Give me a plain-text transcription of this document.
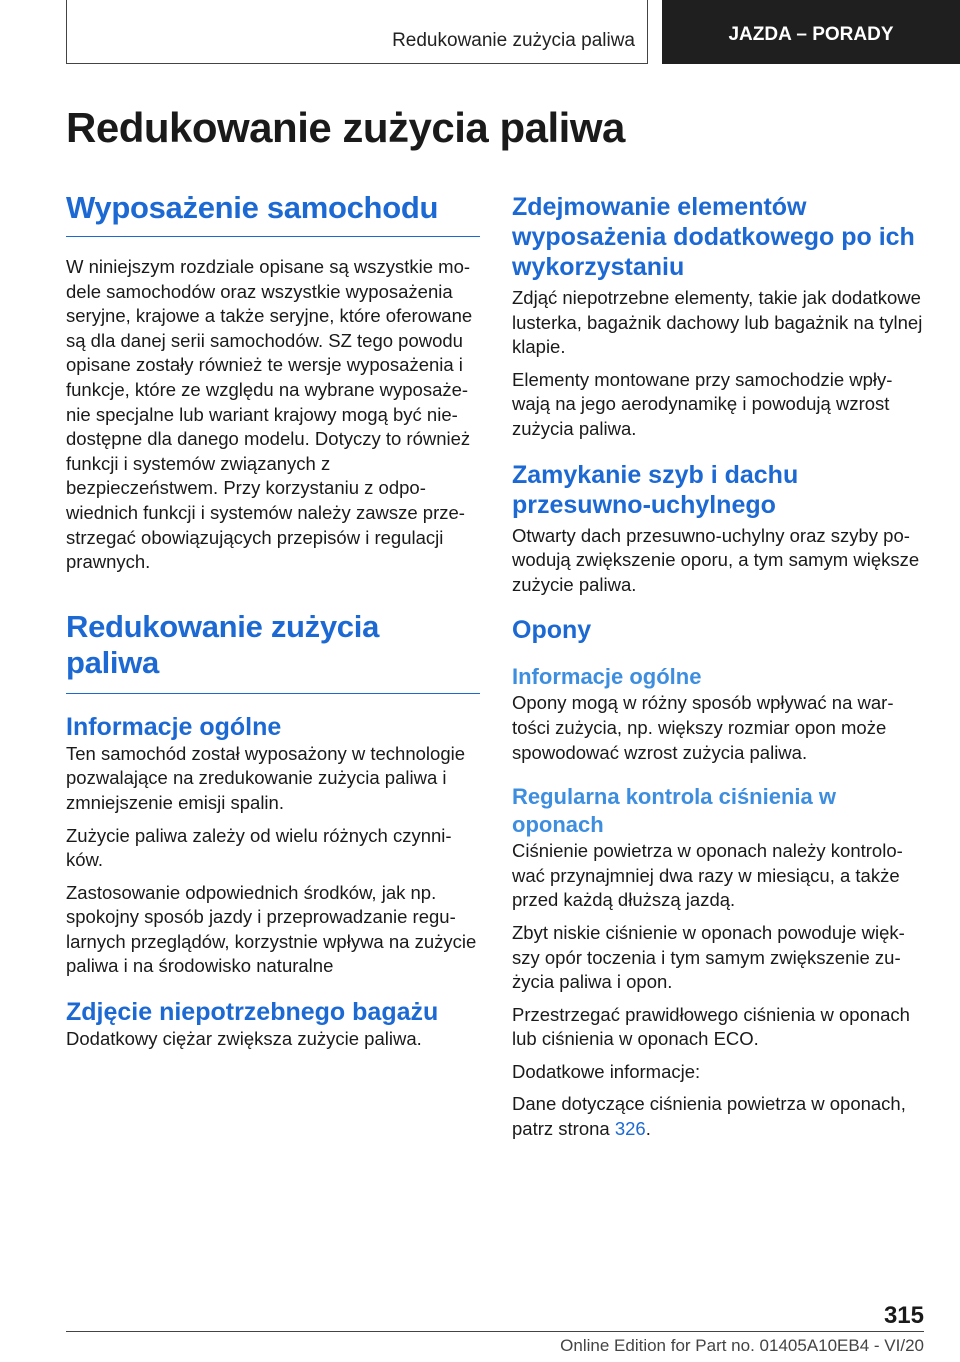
Redukowanie zużycia paliwa	JAZDA – PORADY
Redukowanie zużycia paliwa
Wyposażenie samochodu

W niniejszym rozdziale opisane są wszystkie modele samochodów oraz wszystkie wyposażenia seryjne, krajowe a także seryjne, które oferowane są dla danej serii samochodów. SZ tego powodu opisane zostały również te wersje wyposażenia i funkcje, które ze względu na wybrane wyposażenie specjalne lub wariant krajowy mogą być niedostępne dla danego modelu. Dotyczy to również funkcji i systemów związanych z bezpieczeństwem. Przy korzystaniu z odpowiednich funkcji i systemów należy zawsze przestrzegać obowiązujących przepisów i regulacji prawnych.

Redukowanie zużycia paliwa
Informacje ogólne

Ten samochód został wyposażony w technologie pozwalające na zredukowanie zużycia paliwa i zmniejszenie emisji spalin.

Zużycie paliwa zależy od wielu różnych czynników.

Zastosowanie odpowiednich środków, jak np. spokojny sposób jazdy i przeprowadzanie regularnych przeglądów, korzystnie wpływa na zużycie paliwa i na środowisko naturalne

Zdjęcie niepotrzebnego bagażu

Dodatkowy ciężar zwiększa zużycie paliwa.

Zdejmowanie elementów wyposażenia dodatkowego po ich wykorzystaniu

Zdjąć niepotrzebne elementy, takie jak dodatkowe lusterka, bagażnik dachowy lub bagażnik na tylnej klapie.

Elementy montowane przy samochodzie wpływają na jego aerodynamikę i powodują wzrost zużycia paliwa.

Zamykanie szyb i dachu przesuwno-uchylnego

Otwarty dach przesuwno-uchylny oraz szyby powodują zwiększenie oporu, a tym samym większe zużycie paliwa.

Opony
Informacje ogólne

Opony mogą w różny sposób wpływać na wartości zużycia, np. większy rozmiar opon może spowodować wzrost zużycia paliwa.

Regularna kontrola ciśnienia w oponach

Ciśnienie powietrza w oponach należy kontrolować przynajmniej dwa razy w miesiącu, a także przed każdą dłuższą jazdą.

Zbyt niskie ciśnienie w oponach powoduje większy opór toczenia i tym samym zwiększenie zużycia paliwa i opon.

Przestrzegać prawidłowego ciśnienia w oponach lub ciśnienia w oponach ECO.

Dodatkowe informacje:

Dane dotyczące ciśnienia powietrza w oponach, patrz strona 326.

315
Online Edition for Part no. 01405A10EB4 - VI/20
